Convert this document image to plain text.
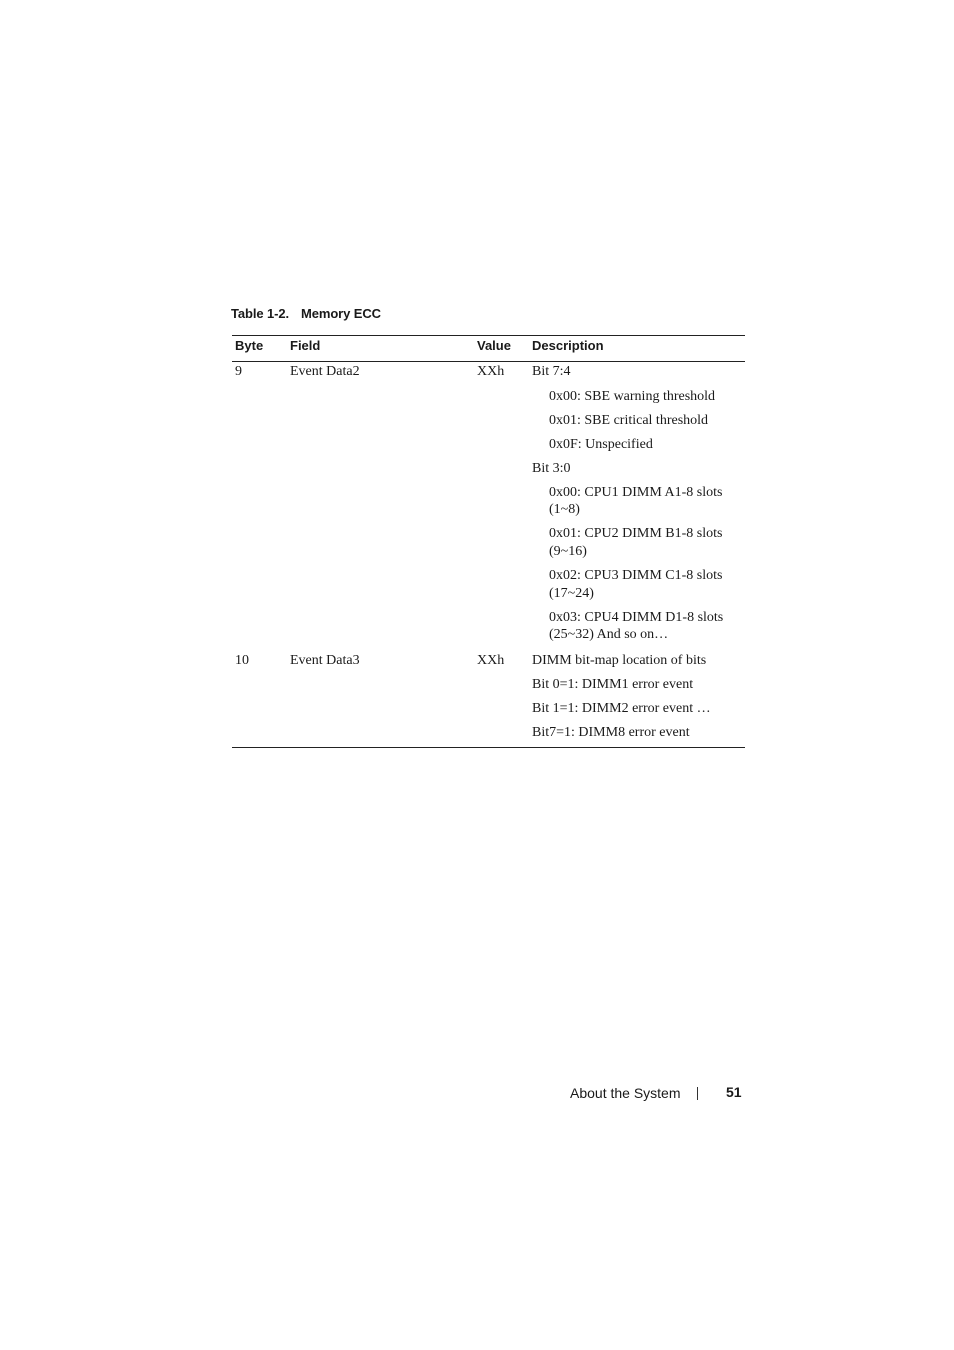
Table 1-2. Memory ECC
Byte Field	Value Description
9	Event Data2	XXh Bit 7:4
0x00: SBE warning threshold
0x01: SBE critical threshold
0x0F: Unspecified
Bit 3:0
0x00: CPU1 DIMM A1-8 slots
(1~8)
0x01: CPU2 DIMM B1-8 slots
(9~16)
0x02: CPU3 DIMM C1-8 slots
(17~24)
0x03: CPU4 DIMM D1-8 slots
(25~32) And so on…
10	Event Data3	XXh DIMM bit-map location of bits
Bit 0=1: DIMM1 error event
Bit 1=1: DIMM2 error event …
Bit7=1: DIMM8 error event
About the System	51
